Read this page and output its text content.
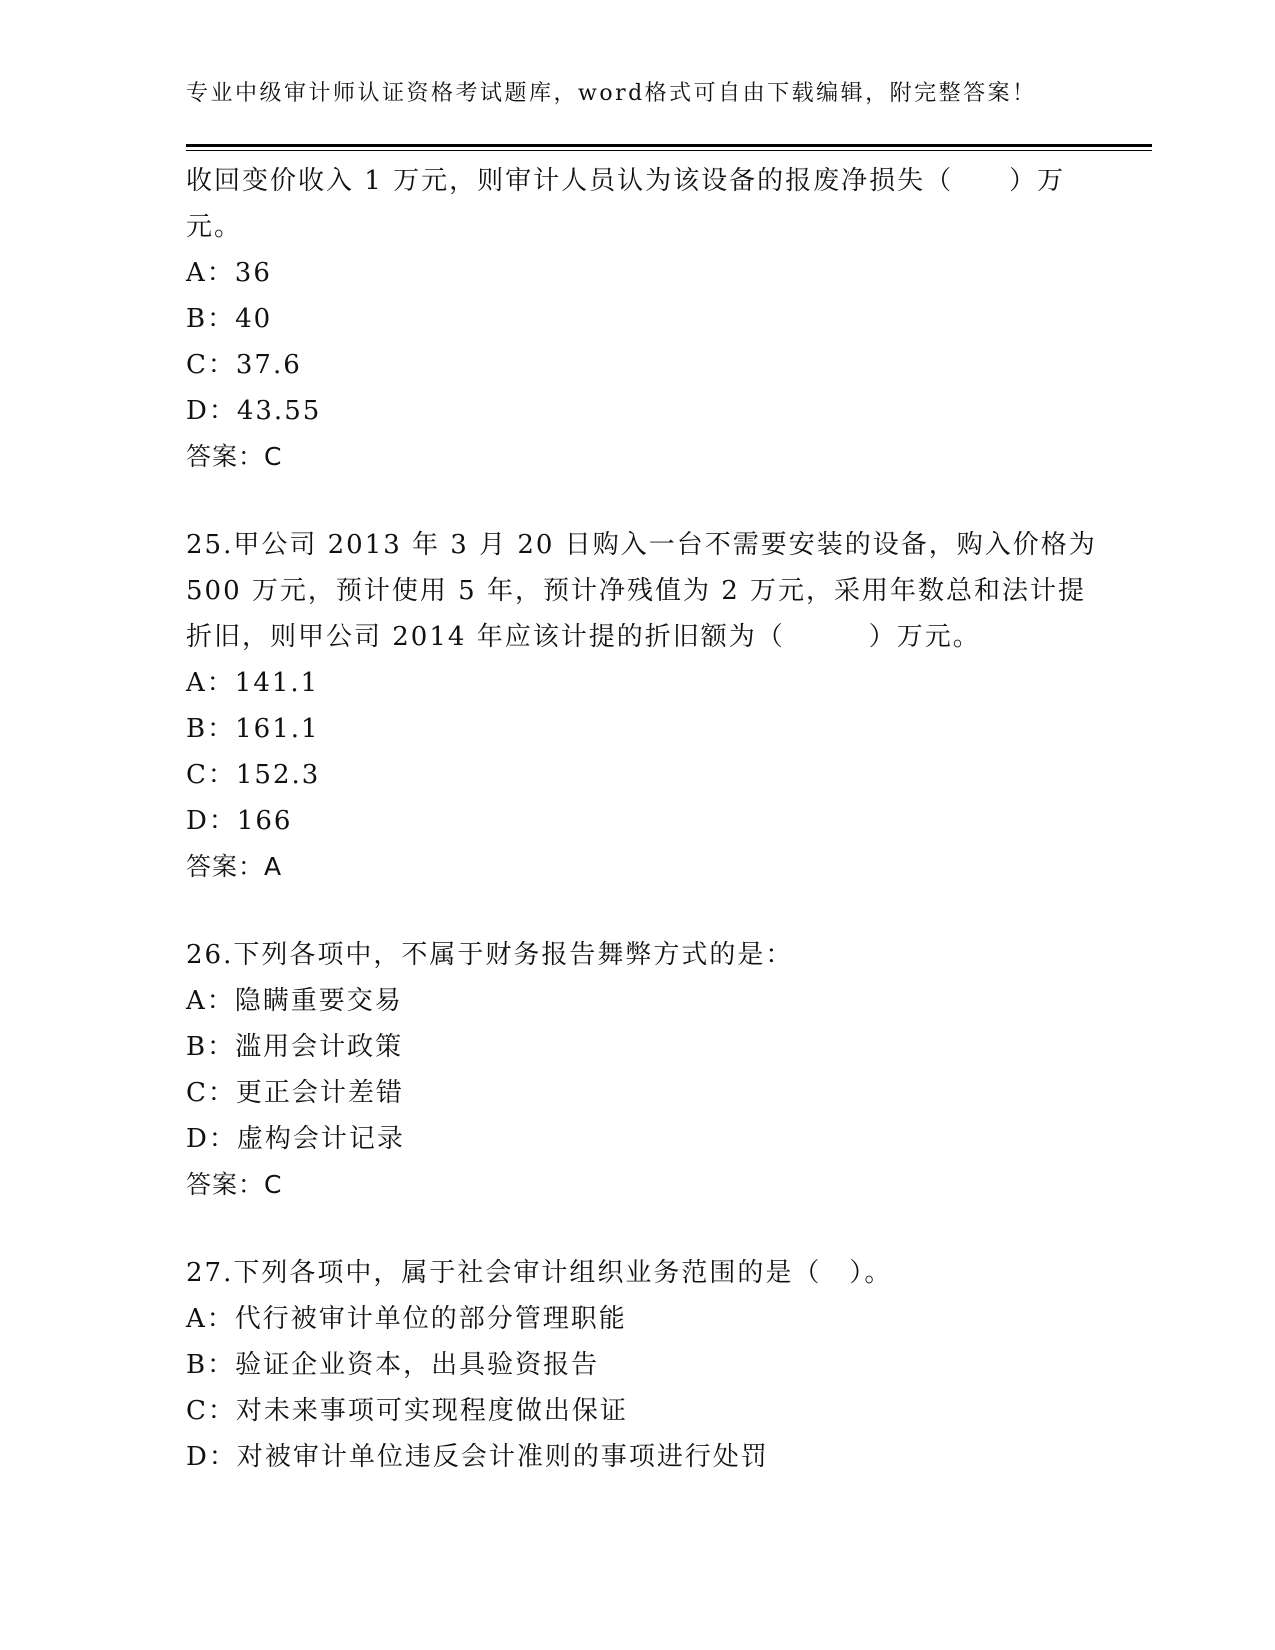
专业中级审计师认证资格考试题库，word格式可自由下载编辑，附完整答案！
收回变价收入 1 万元，则审计人员认为该设备的报废净损失（　　）万
元。
A：36
B：40
C：37.6
D：43.55
答案：C
25.甲公司 2013 年 3 月 20 日购入一台不需要安装的设备，购入价格为
500 万元，预计使用 5 年，预计净残值为 2 万元，采用年数总和法计提
折旧，则甲公司 2014 年应该计提的折旧额为（　　　）万元。
A：141.1
B：161.1
C：152.3
D：166
答案：A
26.下列各项中，不属于财务报告舞弊方式的是：
A：隐瞒重要交易
B：滥用会计政策
C：更正会计差错
D：虚构会计记录
答案：C
27.下列各项中，属于社会审计组织业务范围的是（　）。
A：代行被审计单位的部分管理职能
B：验证企业资本，出具验资报告
C：对未来事项可实现程度做出保证
D：对被审计单位违反会计准则的事项进行处罚
